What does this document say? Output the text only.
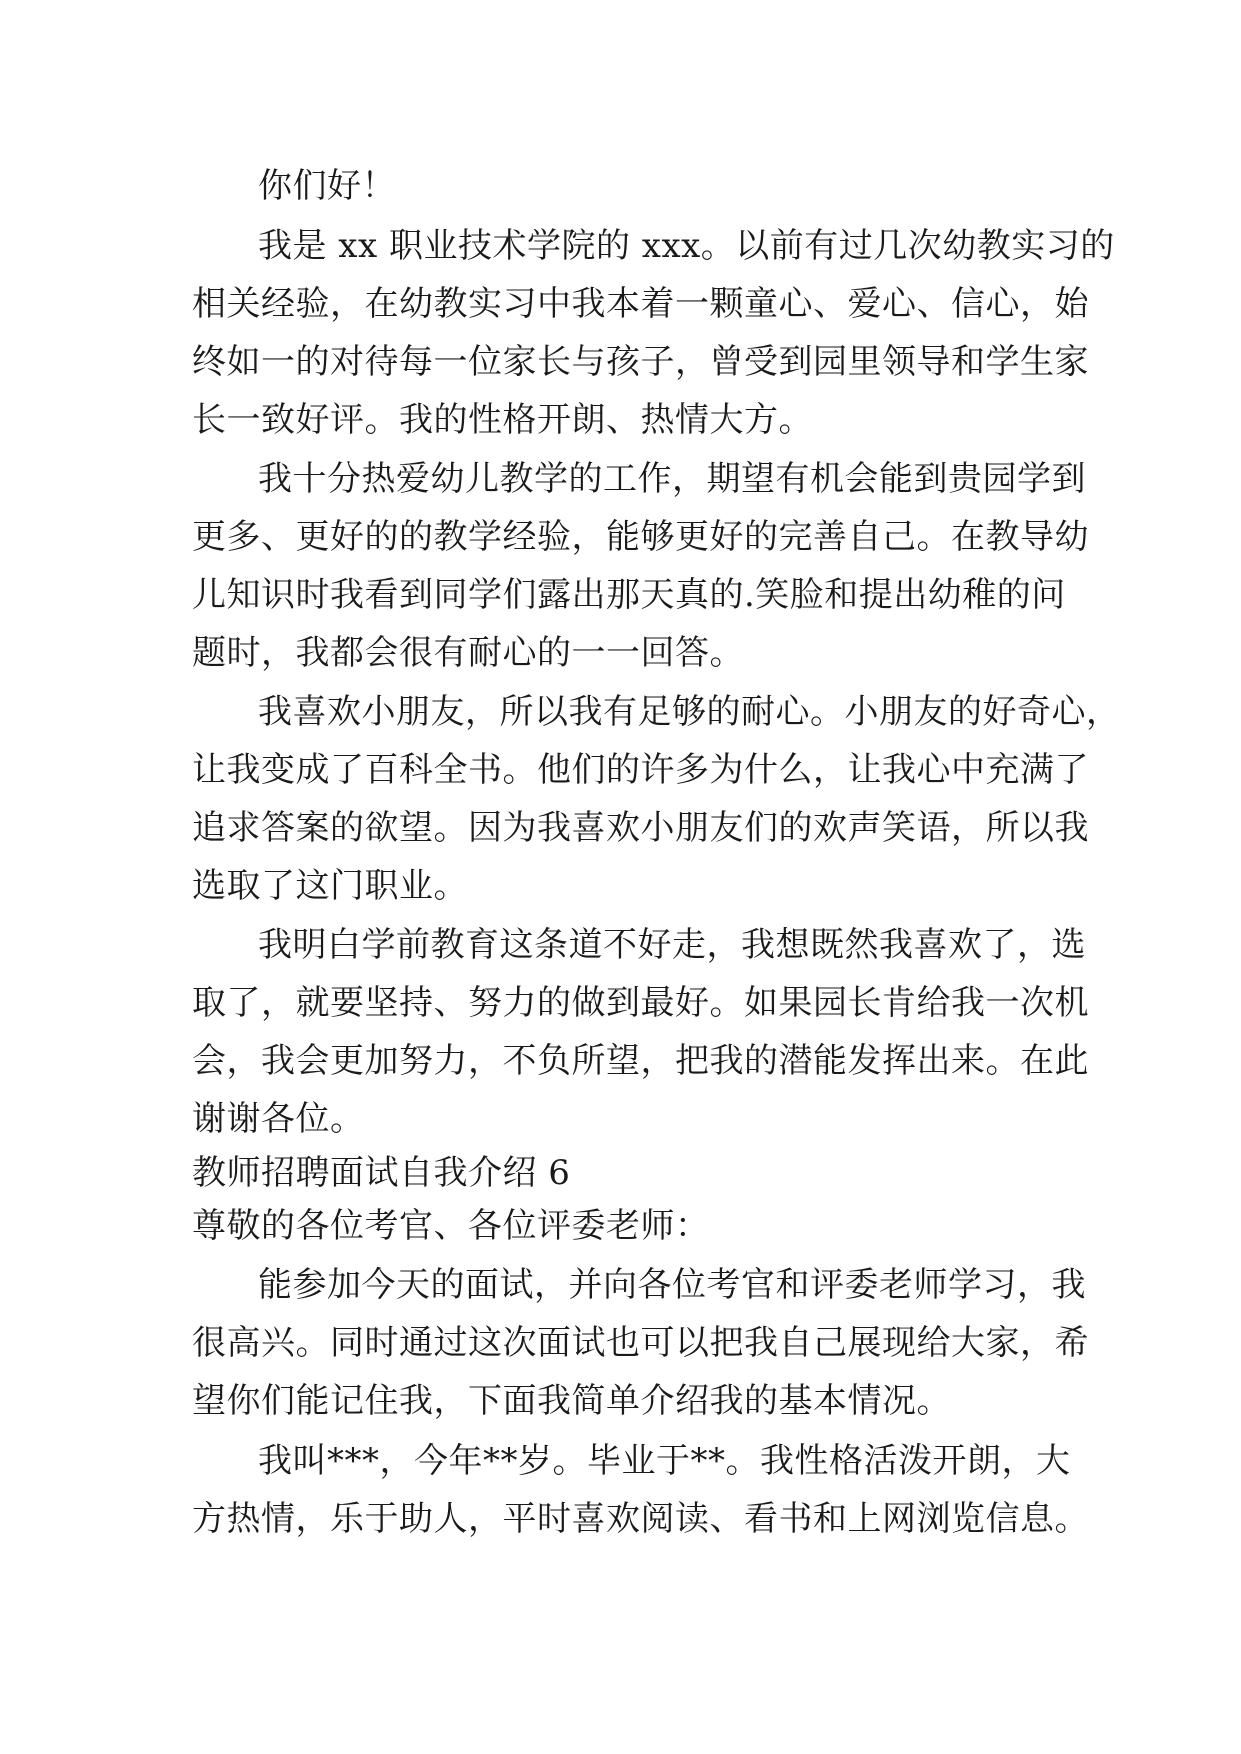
你们好！
我是 xx 职业技术学院的 xxx。以前有过几次幼教实习的
相关经验，在幼教实习中我本着一颗童心、爱心、信心，始
终如一的对待每一位家长与孩子，曾受到园里领导和学生家
长一致好评。我的性格开朗、热情大方。
我十分热爱幼儿教学的工作，期望有机会能到贵园学到
更多、更好的的教学经验，能够更好的完善自己。在教导幼
儿知识时我看到同学们露出那天真的.笑脸和提出幼稚的问
题时，我都会很有耐心的一一回答。
我喜欢小朋友，所以我有足够的耐心。小朋友的好奇心，
让我变成了百科全书。他们的许多为什么，让我心中充满了
追求答案的欲望。因为我喜欢小朋友们的欢声笑语，所以我
选取了这门职业。
我明白学前教育这条道不好走，我想既然我喜欢了，选
取了，就要坚持、努力的做到最好。如果园长肯给我一次机
会，我会更加努力，不负所望，把我的潜能发挥出来。在此
谢谢各位。
教师招聘面试自我介绍 6
尊敬的各位考官、各位评委老师：
能参加今天的面试，并向各位考官和评委老师学习，我
很高兴。同时通过这次面试也可以把我自己展现给大家，希
望你们能记住我，下面我简单介绍我的基本情况。
我叫***，今年**岁。毕业于**。我性格活泼开朗，大
方热情，乐于助人，平时喜欢阅读、看书和上网浏览信息。
